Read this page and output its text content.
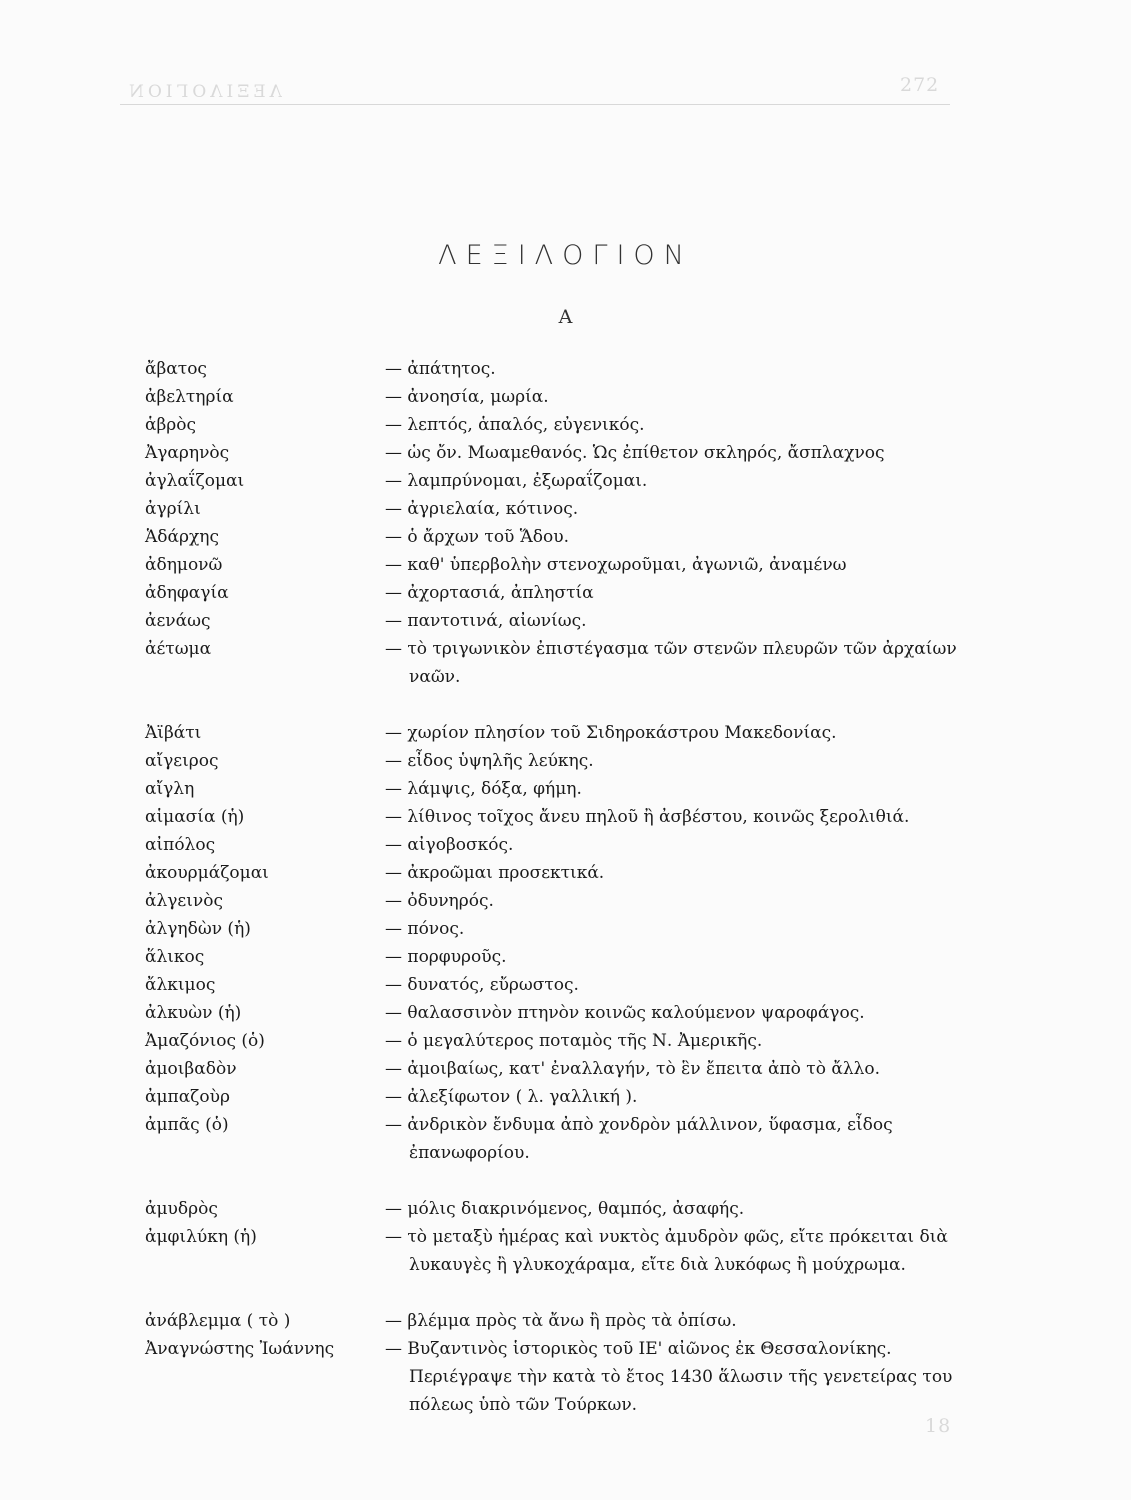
272
ΛΕΞΙΛΟΓΙΟΝ
18
ΛΕΞΙΛΟΓΙΟΝ
Α
ἄβατος	— ἀπάτητος.
ἀβελτηρία	— ἀνοησία, μωρία.
ἁβρὸς	— λεπτός, ἁπαλός, εὐγενικός.
Ἀγαρηνὸς	— ὡς ὄν. Μωαμεθανός. Ὡς ἐπίθετον σκληρός, ἄσπλαχνος
ἀγλαΐζομαι	— λαμπρύνομαι, ἐξωραΐζομαι.
ἀγρίλι	— ἀγριελαία, κότινος.
Ἁδάρχης	— ὁ ἄρχων τοῦ Ἅδου.
ἀδημονῶ	— καθ' ὑπερβολὴν στενοχωροῦμαι, ἀγωνιῶ, ἀναμένω
ἀδηφαγία	— ἀχορτασιά, ἀπληστία
ἀενάως	— παντοτινά, αἰωνίως.
ἀέτωμα	— τὸ τριγωνικὸν ἐπιστέγασμα τῶν στενῶν πλευρῶν τῶν ἀρχαίων ναῶν.
Ἀϊβάτι	— χωρίον πλησίον τοῦ Σιδηροκάστρου Μακεδονίας.
αἴγειρος	— εἶδος ὑψηλῆς λεύκης.
αἴγλη	— λάμψις, δόξα, φήμη.
αἱμασία (ἡ)	— λίθινος τοῖχος ἄνευ πηλοῦ ἢ ἀσβέστου, κοινῶς ξερολιθιά.
αἰπόλος	— αἰγοβοσκός.
ἀκουρμάζομαι	— ἀκροῶμαι προσεκτικά.
ἀλγεινὸς	— ὀδυνηρός.
ἀλγηδὼν (ἡ)	— πόνος.
ἅλικος	— πορφυροῦς.
ἄλκιμος	— δυνατός, εὔρωστος.
ἀλκυὼν (ἡ)	— θαλασσινὸν πτηνὸν κοινῶς καλούμενον ψαροφάγος.
Ἀμαζόνιος (ὁ)	— ὁ μεγαλύτερος ποταμὸς τῆς Ν. Ἀμερικῆς.
ἀμοιβαδὸν	— ἀμοιβαίως, κατ' ἐναλλαγήν, τὸ ἓν ἔπειτα ἀπὸ τὸ ἄλλο.
ἀμπαζοὺρ	— ἀλεξίφωτον ( λ. γαλλική ).
ἀμπᾶς (ὁ)	— ἀνδρικὸν ἔνδυμα ἀπὸ χονδρὸν μάλλινον, ὕφασμα, εἶδος ἐπανωφορίου.
ἀμυδρὸς	— μόλις διακρινόμενος, θαμπός, ἀσαφής.
ἀμφιλύκη (ἡ)	— τὸ μεταξὺ ἡμέρας καὶ νυκτὸς ἀμυδρὸν φῶς, εἴτε πρόκειται διὰ λυκαυγὲς ἢ γλυκοχάραμα, εἴτε διὰ λυκόφως ἢ μούχρωμα.
ἀνάβλεμμα ( τὸ )	— βλέμμα πρὸς τὰ ἄνω ἢ πρὸς τὰ ὀπίσω.
Ἀναγνώστης Ἰωάννης	— Βυζαντινὸς ἱστορικὸς τοῦ ΙΕ' αἰῶνος ἐκ Θεσσαλονίκης. Περιέγραψε τὴν κατὰ τὸ ἔτος 1430 ἅλωσιν τῆς γενετείρας του πόλεως ὑπὸ τῶν Τούρκων.
